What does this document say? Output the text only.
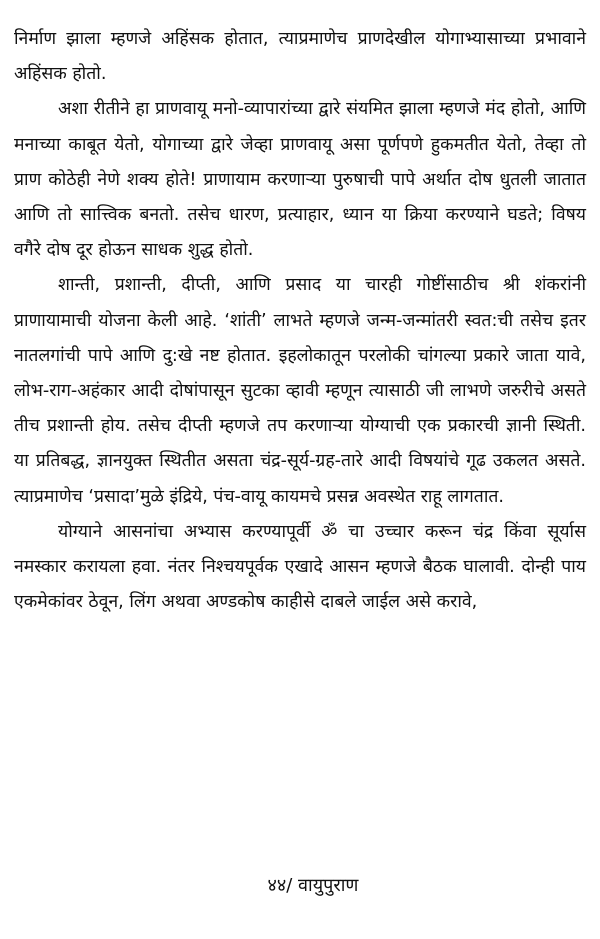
निर्माण झाला म्हणजे अहिंसक होतात, त्याप्रमाणेच प्राणदेखील योगाभ्यासाच्या प्रभावाने अहिंसक होतो.

अशा रीतीने हा प्राणवायू मनो-व्यापारांच्या द्वारे संयमित झाला म्हणजे मंद होतो, आणि मनाच्या काबूत येतो, योगाच्या द्वारे जेव्हा प्राणवायू असा पूर्णपणे हुकमतीत येतो, तेव्हा तो प्राण कोठेही नेणे शक्य होते! प्राणायाम करणाऱ्या पुरुषाची पापे अर्थात दोष धुतली जातात आणि तो सात्त्विक बनतो. तसेच धारण, प्रत्याहार, ध्यान या क्रिया करण्याने घडते; विषय वगैरे दोष दूर होऊन साधक शुद्ध होतो.

शान्ती, प्रशान्ती, दीप्ती, आणि प्रसाद या चारही गोष्टींसाठीच श्री शंकरांनी प्राणायामाची योजना केली आहे. ‘शांती’ लाभते म्हणजे जन्म-जन्मांतरी स्वत:ची तसेच इतर नातलगांची पापे आणि दु:खे नष्ट होतात. इहलोकातून परलोकी चांगल्या प्रकारे जाता यावे, लोभ-राग-अहंकार आदी दोषांपासून सुटका व्हावी म्हणून त्यासाठी जी लाभणे जरुरीचे असते तीच प्रशान्ती होय. तसेच दीप्ती म्हणजे तप करणाऱ्या योग्याची एक प्रकारची ज्ञानी स्थिती. या प्रतिबद्ध, ज्ञानयुक्त स्थितीत असता चंद्र-सूर्य-ग्रह-तारे आदी विषयांचे गूढ उकलत असते. त्याप्रमाणेच ‘प्रसादा’मुळे इंद्रिये, पंच-वायू कायमचे प्रसन्न अवस्थेत राहू लागतात.

योग्याने आसनांचा अभ्यास करण्यापूर्वी ॐ चा उच्चार करून चंद्र किंवा सूर्यास नमस्कार करायला हवा. नंतर निश्चयपूर्वक एखादे आसन म्हणजे बैठक घालावी. दोन्ही पाय एकमेकांवर ठेवून, लिंग अथवा अण्डकोष काहीसे दाबले जाईल असे करावे,

४४/ वायुपुराण
